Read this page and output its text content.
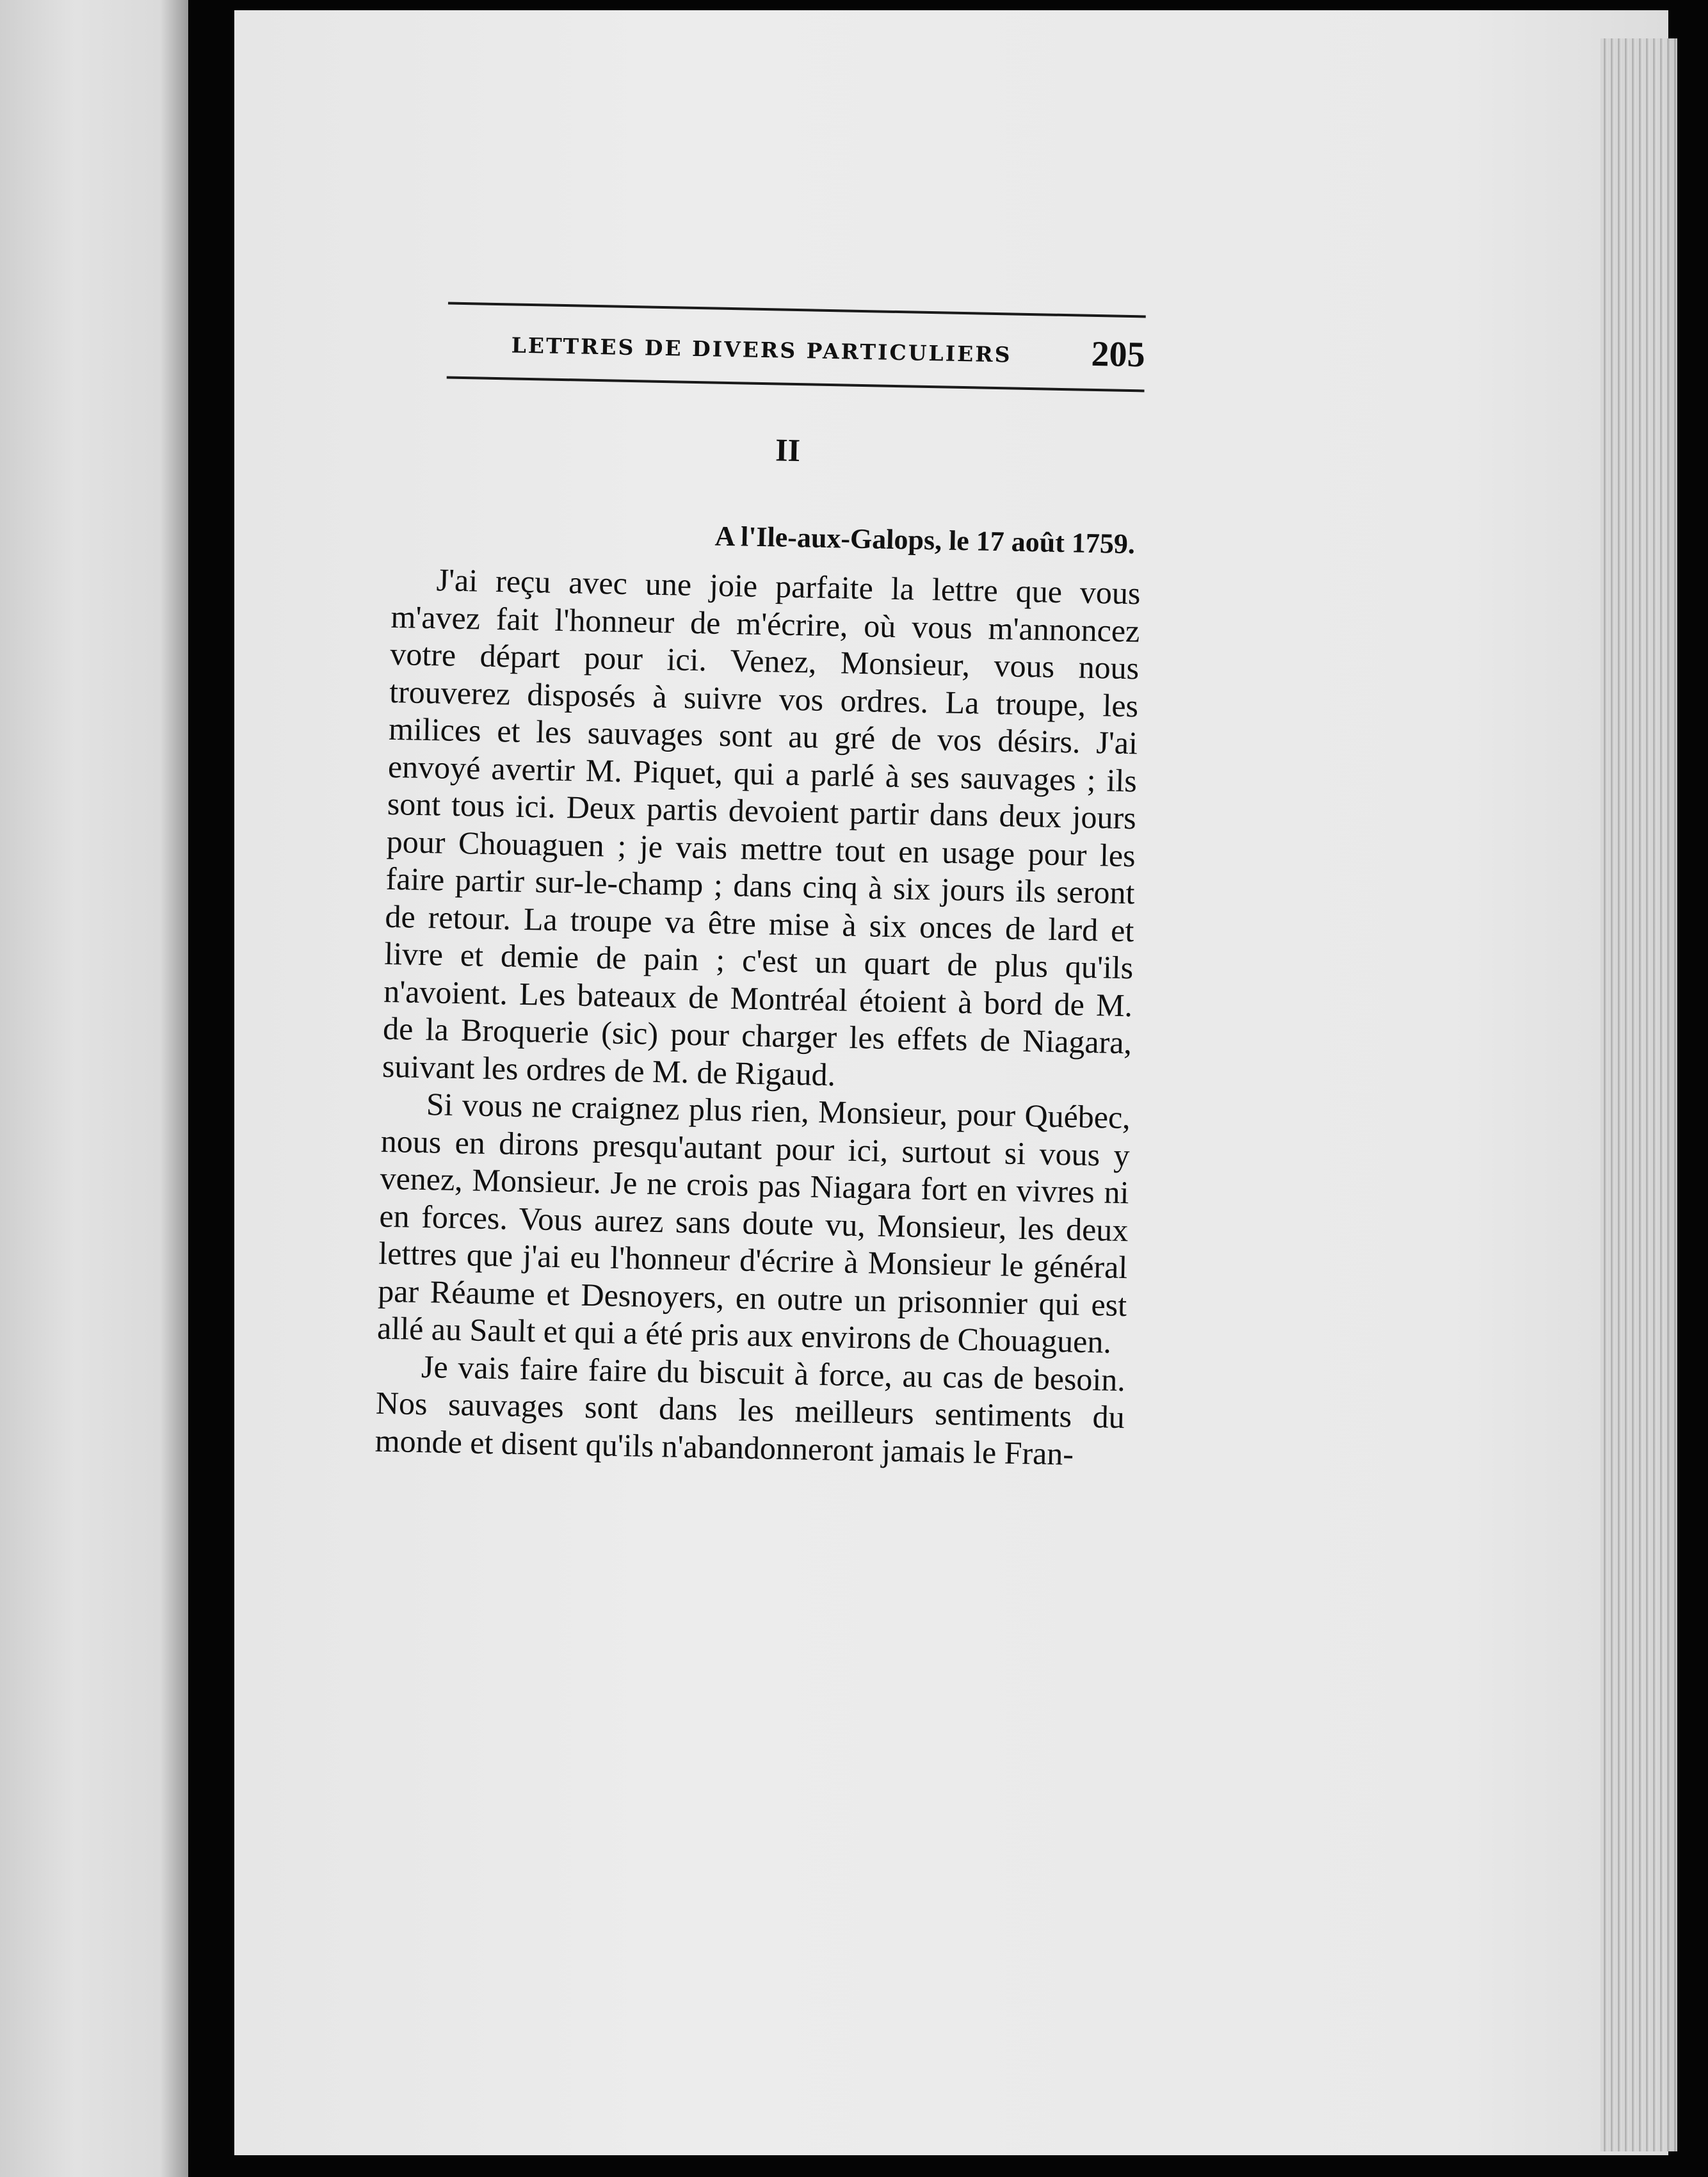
LETTRES DE DIVERS PARTICULIERS 205
II
A l'Ile-aux-Galops, le 17 août 1759.

J'ai reçu avec une joie parfaite la lettre que vous m'avez fait l'honneur de m'écrire, où vous m'annoncez votre départ pour ici. Venez, Monsieur, vous nous trouverez disposés à suivre vos ordres. La troupe, les milices et les sauvages sont au gré de vos désirs. J'ai envoyé avertir M. Piquet, qui a parlé à ses sauvages ; ils sont tous ici. Deux partis devoient partir dans deux jours pour Chouaguen ; je vais mettre tout en usage pour les faire partir sur-le-champ ; dans cinq à six jours ils seront de retour. La troupe va être mise à six onces de lard et livre et demie de pain ; c'est un quart de plus qu'ils n'avoient. Les bateaux de Montréal étoient à bord de M. de la Broquerie (sic) pour charger les effets de Niagara, suivant les ordres de M. de Rigaud.

Si vous ne craignez plus rien, Monsieur, pour Québec, nous en dirons presqu'autant pour ici, surtout si vous y venez, Monsieur. Je ne crois pas Niagara fort en vivres ni en forces. Vous aurez sans doute vu, Monsieur, les deux lettres que j'ai eu l'honneur d'écrire à Monsieur le général par Réaume et Desnoyers, en outre un prisonnier qui est allé au Sault et qui a été pris aux environs de Chouaguen.

Je vais faire faire du biscuit à force, au cas de besoin. Nos sauvages sont dans les meilleurs sentiments du monde et disent qu'ils n'abandonneront jamais le Fran-
